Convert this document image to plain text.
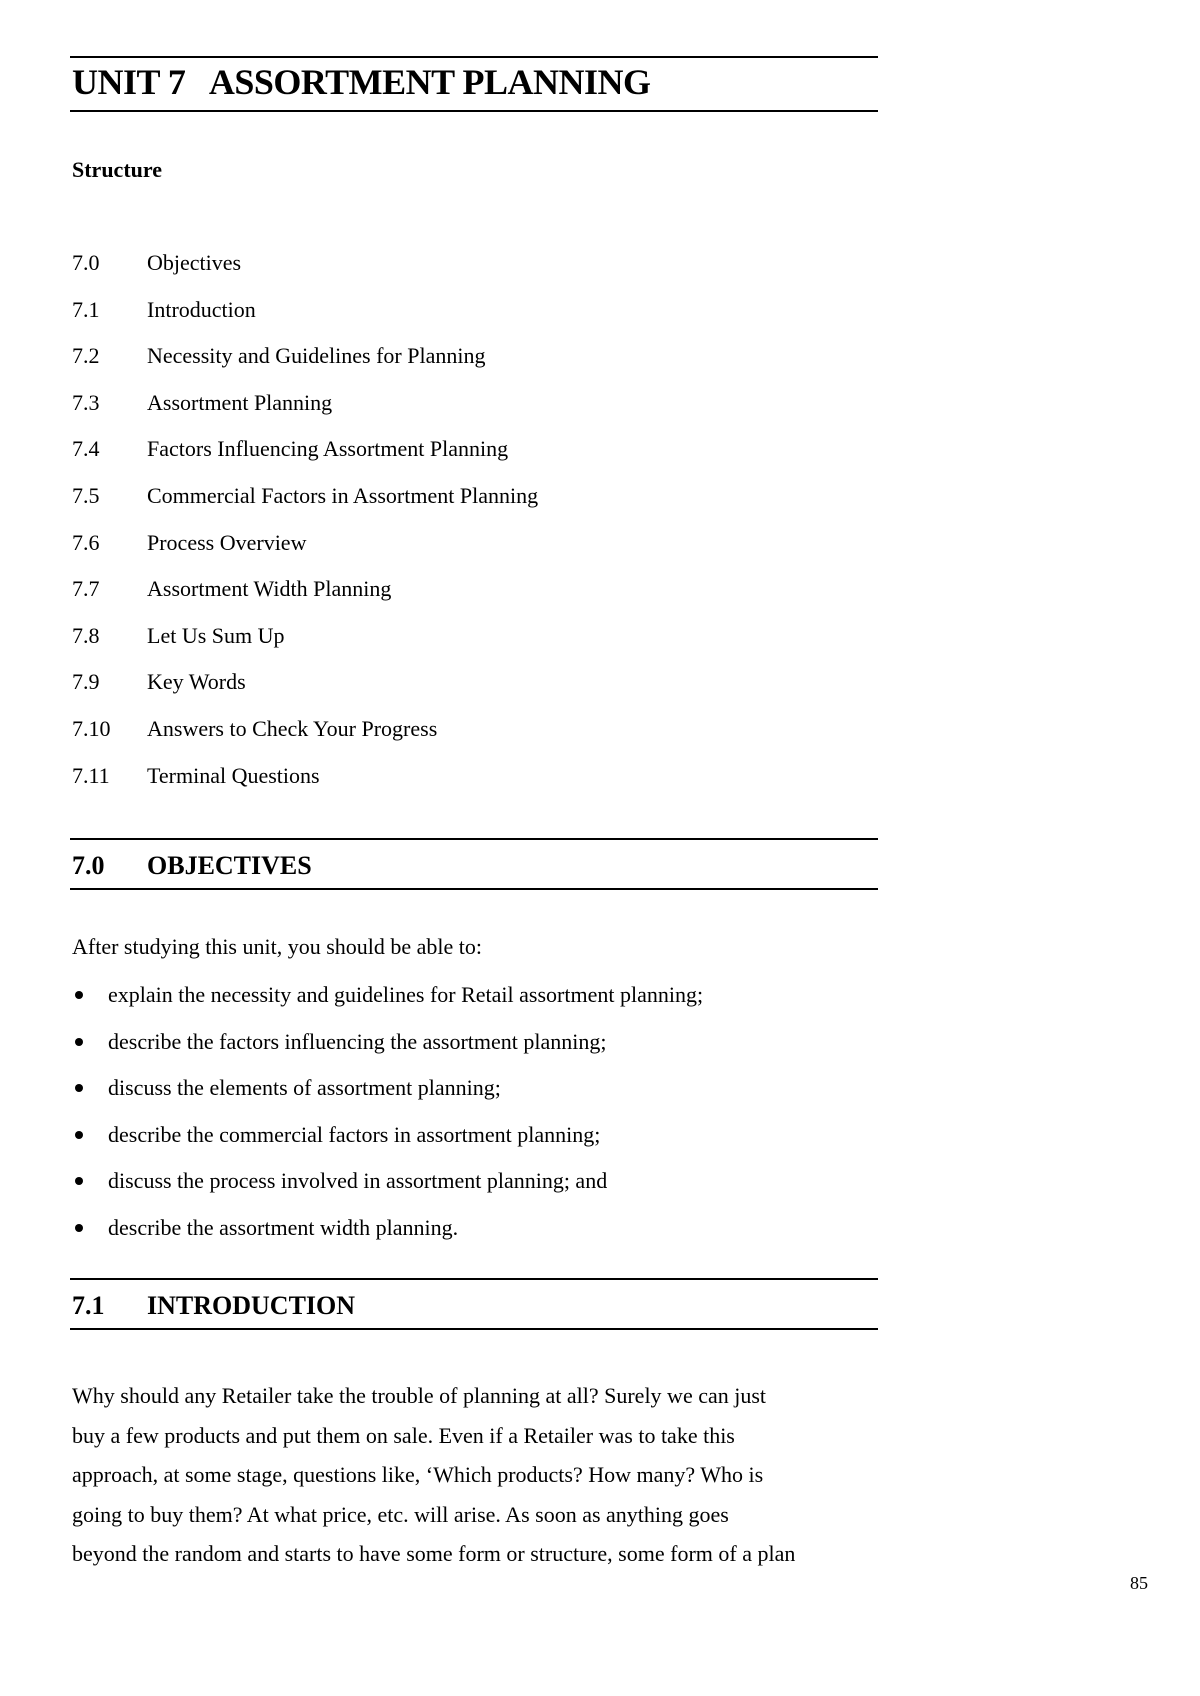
UNIT 7   ASSORTMENT PLANNING
Structure
7.0	Objectives
7.1	Introduction
7.2	Necessity and Guidelines for Planning
7.3	Assortment Planning
7.4	Factors Influencing Assortment Planning
7.5	Commercial Factors in Assortment Planning
7.6	Process Overview
7.7	Assortment Width Planning
7.8	Let Us Sum Up
7.9	Key Words
7.10	Answers to Check Your Progress
7.11	Terminal Questions
7.0	OBJECTIVES
After studying this unit, you should be able to:
explain the necessity and guidelines for Retail assortment planning;
describe the factors influencing the assortment planning;
discuss the elements of assortment planning;
describe the commercial factors in assortment planning;
discuss the process involved in assortment planning; and
describe the assortment width planning.
7.1	INTRODUCTION
Why should any Retailer take the trouble of planning at all? Surely we can just
buy a few products and put them on sale. Even if a Retailer was to take this
approach, at some stage, questions like, ‘Which products? How many? Who is
going to buy them? At what price, etc. will arise. As soon as anything goes
beyond the random and starts to have some form or structure, some form of a plan
85
